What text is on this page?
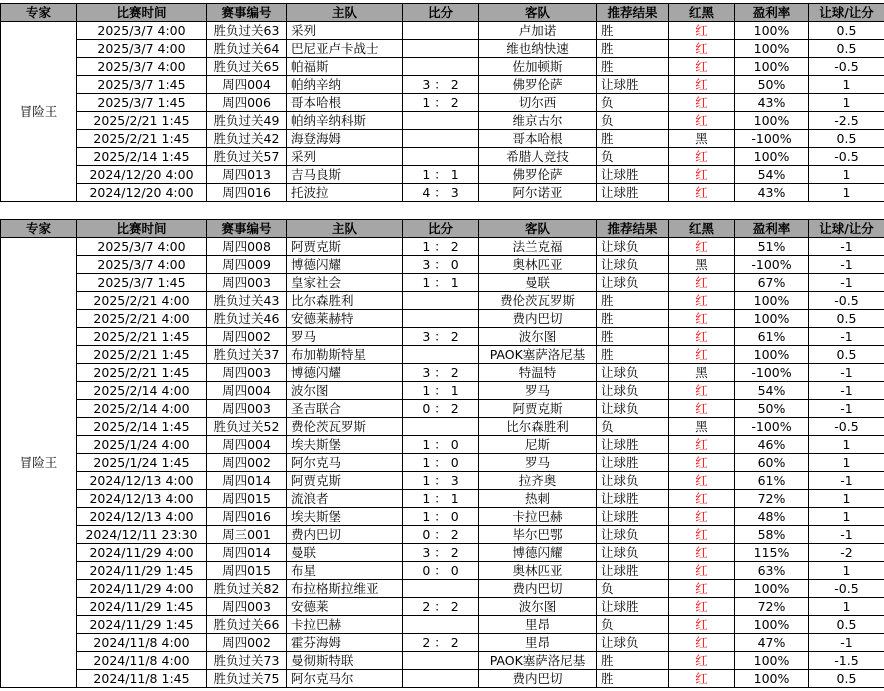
专家	比赛时间	赛事编号	主队	比分	客队	推荐结果	红黑	盈利率	让球/让分
冒险王	2025/3/7 4:00	胜负过关63	采列		卢加诺	胜	红	100%	0.5
	2025/3/7 4:00	胜负过关64	巴尼亚卢卡战士		维也纳快速	胜	红	100%	0.5
	2025/3/7 4:00	胜负过关65	帕福斯		佐加顿斯	胜	红	100%	-0.5
	2025/3/7 1:45	周四004	帕纳辛纳	3 ： 2	佛罗伦萨	让球胜	红	50%	1
	2025/3/7 1:45	周四006	哥本哈根	1 ： 2	切尔西	负	红	43%	1
	2025/2/21 1:45	胜负过关49	帕纳辛纳科斯		维京古尔	负	红	100%	-2.5
	2025/2/21 1:45	胜负过关42	海登海姆		哥本哈根	胜	黑	-100%	0.5
	2025/2/14 1:45	胜负过关57	采列		希腊人竞技	负	红	100%	-0.5
	2024/12/20 4:00	周四013	吉马良斯	1 ： 1	佛罗伦萨	让球胜	红	54%	1
	2024/12/20 4:00	周四016	托波拉	4 ： 3	阿尔诺亚	让球胜	红	43%	1
专家	比赛时间	赛事编号	主队	比分	客队	推荐结果	红黑	盈利率	让球/让分
冒险王	2025/3/7 4:00	周四008	阿贾克斯	1 ： 2	法兰克福	让球负	红	51%	-1
	2025/3/7 4:00	周四009	博德闪耀	3 ： 0	奥林匹亚	让球负	黑	-100%	-1
	2025/3/7 1:45	周四003	皇家社会	1 ： 1	曼联	让球负	红	67%	-1
	2025/2/21 4:00	胜负过关43	比尔森胜利		费伦茨瓦罗斯	胜	红	100%	-0.5
	2025/2/21 4:00	胜负过关46	安德莱赫特		费内巴切	胜	红	100%	0.5
	2025/2/21 1:45	周四002	罗马	3 ： 2	波尔图	胜	红	61%	-1
	2025/2/21 1:45	胜负过关37	布加勒斯特星		PAOK塞萨洛尼基	胜	红	100%	0.5
	2025/2/21 1:45	周四003	博德闪耀	3 ： 2	特温特	让球负	黑	-100%	-1
	2025/2/14 4:00	周四004	波尔图	1 ： 1	罗马	让球负	红	54%	-1
	2025/2/14 4:00	周四003	圣吉联合	0 ： 2	阿贾克斯	让球负	红	50%	-1
	2025/2/14 1:45	胜负过关52	费伦茨瓦罗斯		比尔森胜利	负	黑	-100%	-0.5
	2025/1/24 4:00	周四004	埃夫斯堡	1 ： 0	尼斯	让球胜	红	46%	1
	2025/1/24 1:45	周四002	阿尔克马	1 ： 0	罗马	让球胜	红	60%	1
	2024/12/13 4:00	周四014	阿贾克斯	1 ： 3	拉齐奥	让球负	红	61%	-1
	2024/12/13 4:00	周四015	流浪者	1 ： 1	热刺	让球胜	红	72%	1
	2024/12/13 4:00	周四016	埃夫斯堡	1 ： 0	卡拉巴赫	让球胜	红	48%	1
	2024/12/11 23:30	周三001	费内巴切	0 ： 2	毕尔巴鄂	让球负	红	58%	-1
	2024/11/29 4:00	周四014	曼联	3 ： 2	博德闪耀	让球负	红	115%	-2
	2024/11/29 1:45	周四015	布星	0 ： 0	奥林匹亚	让球胜	红	63%	1
	2024/11/29 4:00	胜负过关82	布拉格斯拉维亚		费内巴切	负	红	100%	-0.5
	2024/11/29 1:45	周四003	安德莱	2 ： 2	波尔图	让球胜	红	72%	1
	2024/11/29 1:45	胜负过关66	卡拉巴赫		里昂	负	红	100%	0.5
	2024/11/8 4:00	周四002	霍芬海姆	2 ： 2	里昂	让球负	红	47%	-1
	2024/11/8 4:00	胜负过关73	曼彻斯特联		PAOK塞萨洛尼基	胜	红	100%	-1.5
	2024/11/8 1:45	胜负过关75	阿尔克马尔		费内巴切	胜	红	100%	0.5
